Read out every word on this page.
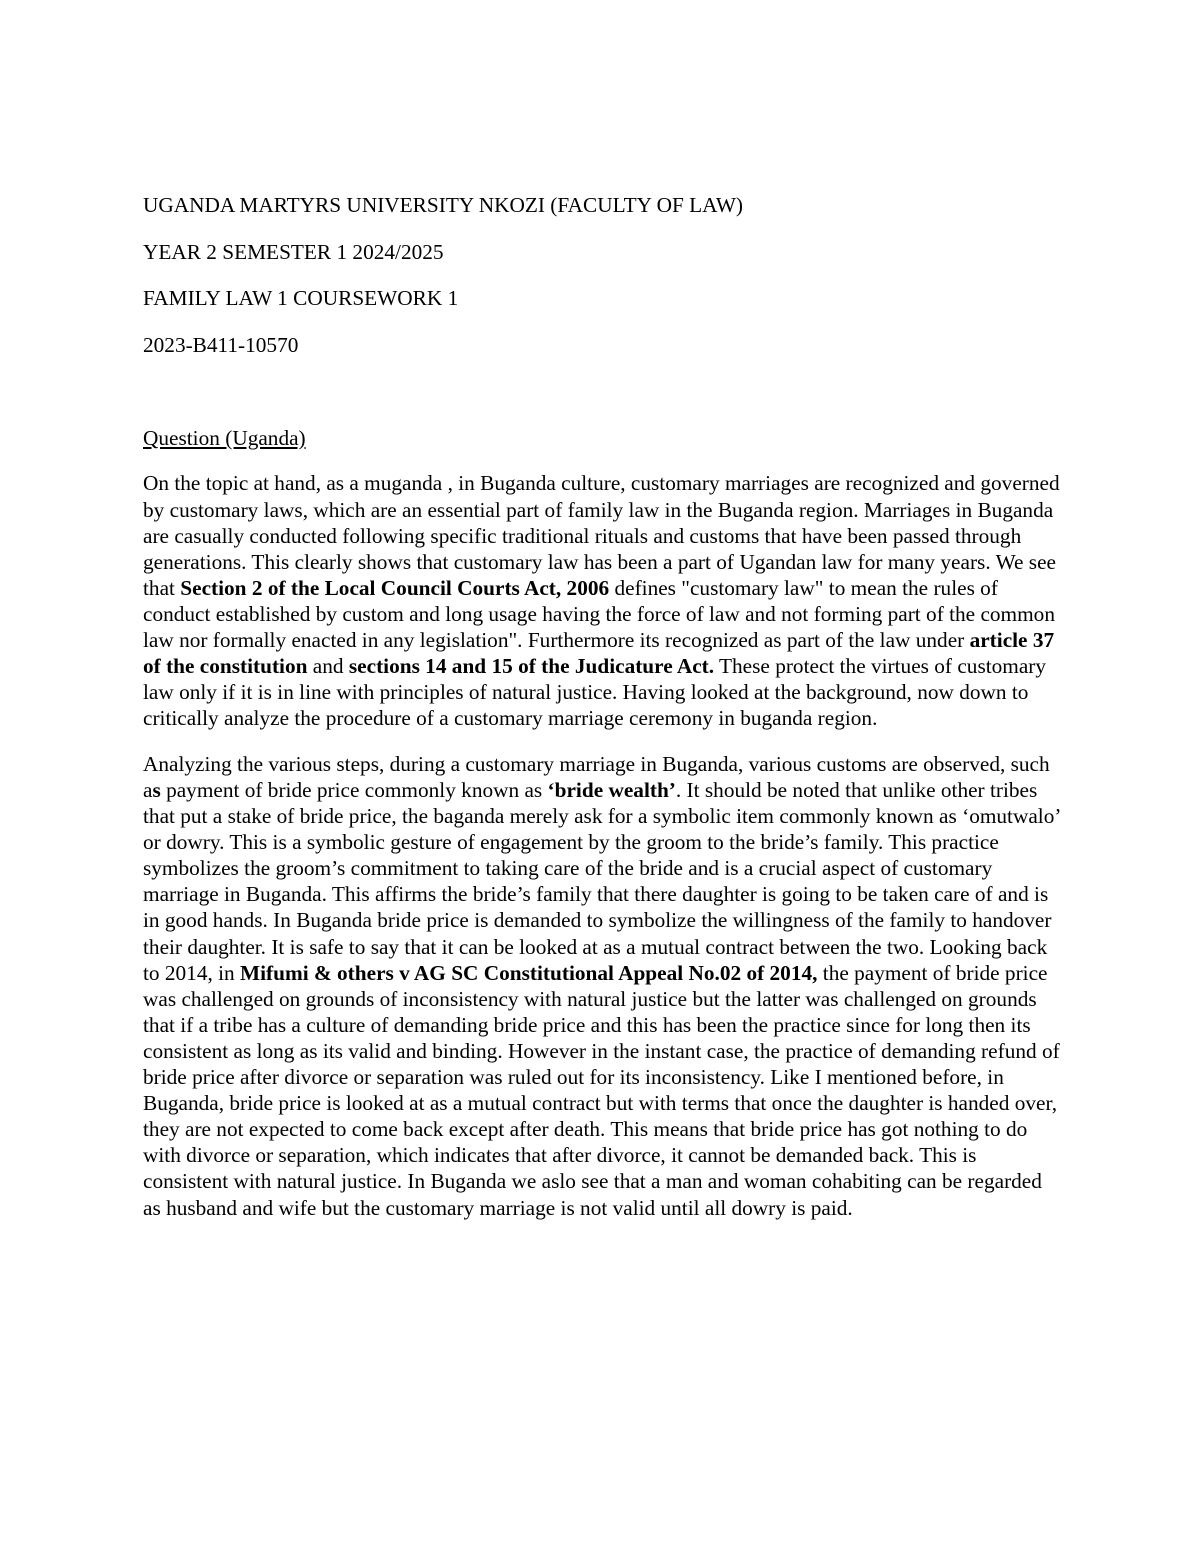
UGANDA MARTYRS UNIVERSITY NKOZI (FACULTY OF LAW)
YEAR 2 SEMESTER 1 2024/2025
FAMILY LAW 1 COURSEWORK 1
2023-B411-10570
Question (Uganda)

On the topic at hand, as a muganda , in Buganda culture, customary marriages are recognized and governed by customary laws, which are an essential part of family law in the Buganda region. Marriages in Buganda are casually conducted following specific traditional rituals and customs that have been passed through generations. This clearly shows that customary law has been a part of Ugandan law for many years. We see that Section 2 of the Local Council Courts Act, 2006 defines "customary law" to mean the rules of conduct established by custom and long usage having the force of law and not forming part of the common law nor formally enacted in any legislation". Furthermore its recognized as part of the law under article 37 of the constitution and sections 14 and 15 of the Judicature Act. These protect the virtues of customary law only if it is in line with principles of natural justice. Having looked at the background, now down to critically analyze the procedure of a customary marriage ceremony in buganda region.

Analyzing the various steps, during a customary marriage in Buganda, various customs are observed, such as payment of bride price commonly known as ‘bride wealth’. It should be noted that unlike other tribes that put a stake of bride price, the baganda merely ask for a symbolic item commonly known as ‘omutwalo’ or dowry. This is a symbolic gesture of engagement by the groom to the bride’s family. This practice symbolizes the groom’s commitment to taking care of the bride and is a crucial aspect of customary marriage in Buganda. This affirms the bride’s family that there daughter is going to be taken care of and is in good hands. In Buganda bride price is demanded to symbolize the willingness of the family to handover their daughter. It is safe to say that it can be looked at as a mutual contract between the two. Looking back to 2014, in Mifumi & others v AG SC Constitutional Appeal No.02 of 2014, the payment of bride price was challenged on grounds of inconsistency with natural justice but the latter was challenged on grounds that if a tribe has a culture of demanding bride price and this has been the practice since for long then its consistent as long as its valid and binding. However in the instant case, the practice of demanding refund of bride price after divorce or separation was ruled out for its inconsistency. Like I mentioned before, in Buganda, bride price is looked at as a mutual contract but with terms that once the daughter is handed over, they are not expected to come back except after death. This means that bride price has got nothing to do with divorce or separation, which indicates that after divorce, it cannot be demanded back. This is consistent with natural justice. In Buganda we aslo see that a man and woman cohabiting can be regarded as husband and wife but the customary marriage is not valid until all dowry is paid.
